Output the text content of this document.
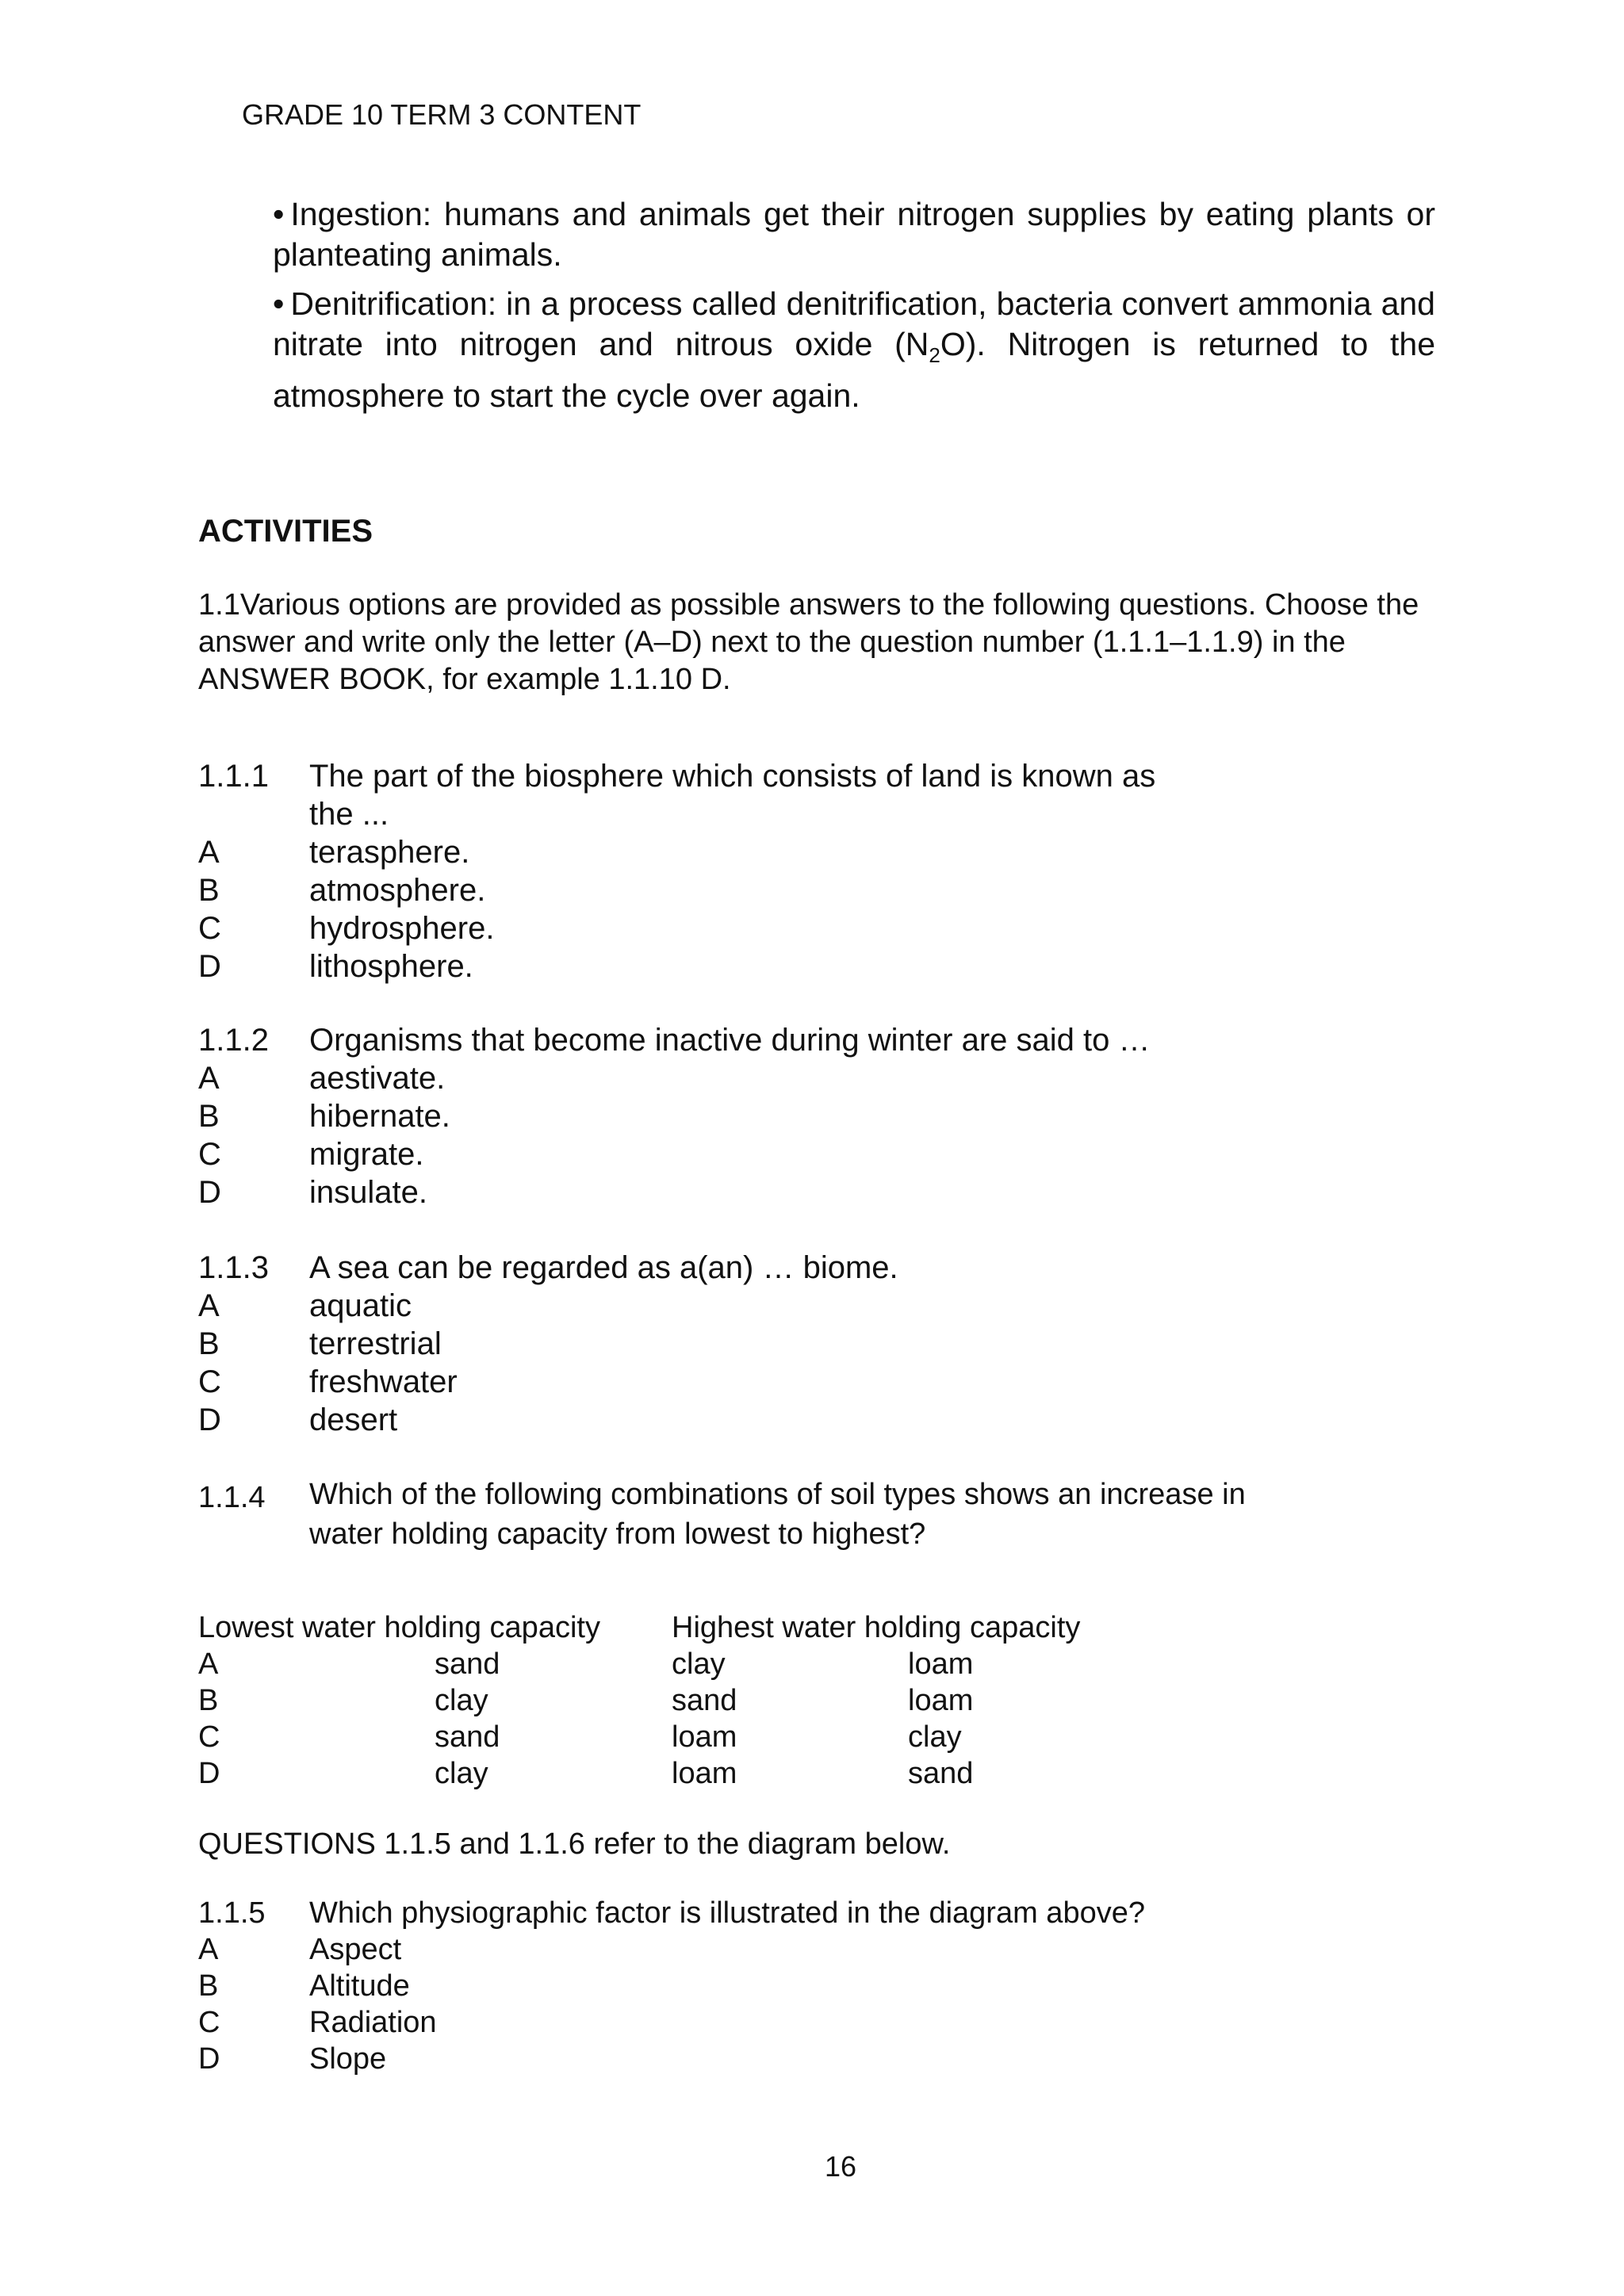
GRADE 10 TERM 3 CONTENT
• Ingestion: humans and animals get their nitrogen supplies by eating plants or planteating animals.
• Denitrification: in a process called denitrification, bacteria convert ammonia and nitrate into nitrogen and nitrous oxide $(N_2O)$. Nitrogen is returned to the atmosphere to start the cycle over again.
ACTIVITIES
1.1Various options are provided as possible answers to the following questions. Choose the answer and write only the letter (A–D) next to the question number (1.1.1–1.1.9) in the ANSWER BOOK, for example 1.1.10 D.
1.1.1	The part of the biosphere which consists of land is known as
the ...
A	terasphere.
B	atmosphere.
C	hydrosphere.
D	lithosphere.
1.1.2	Organisms that become inactive during winter are said to …
A	aestivate.
B	hibernate.
C	migrate.
D	insulate.
1.1.3	A sea can be regarded as a(an) … biome.
A	aquatic
B	terrestrial
C	freshwater
D	desert
1.1.4	Which of the following combinations of soil types shows an increase in
water holding capacity from lowest to highest?
Lowest water holding capacity Highest water holding capacity
A	sand	clay	loam
B	clay	sand	loam
C	sand	loam	clay
D	clay	loam	sand
QUESTIONS 1.1.5 and 1.1.6 refer to the diagram below.
1.1.5	Which physiographic factor is illustrated in the diagram above?
A	Aspect
B	Altitude
C	Radiation
D	Slope
16
